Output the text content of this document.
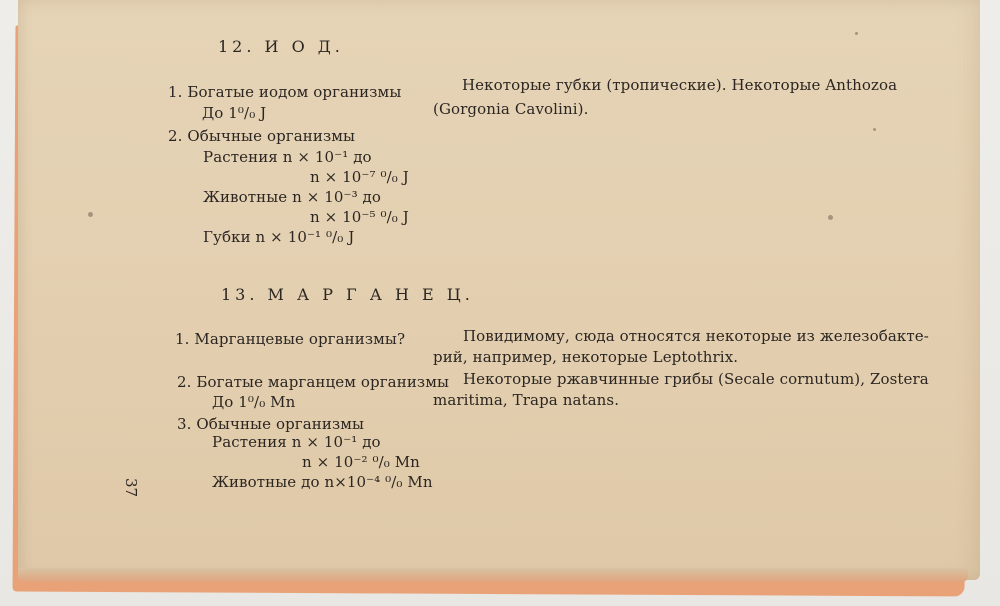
12. И О Д.
1. Богатые иодом организмы
До 1⁰/₀ J
2. Обычные организмы
Растения n × 10⁻¹ до
n × 10⁻⁷ ⁰/₀ J
Животные n × 10⁻³ до
n × 10⁻⁵ ⁰/₀ J
Губки n × 10⁻¹ ⁰/₀ J
Некоторые губки (тропические). Некоторые Anthozoa
(Gorgonia Cavolini).
13. М А Р Г А Н Е Ц.
1. Марганцевые организмы?
2. Богатые марганцем организмы
До 1⁰/₀ Mn
3. Обычные организмы
Растения n × 10⁻¹ до
n × 10⁻² ⁰/₀ Mn
Животные до n×10⁻⁴ ⁰/₀ Mn
Повидимому, сюда относятся некоторые из железобакте-
рий, например, некоторые Leptothrix.
Некоторые ржавчинные грибы (Secale cornutum), Zostera
maritima, Trapa natans.
37
